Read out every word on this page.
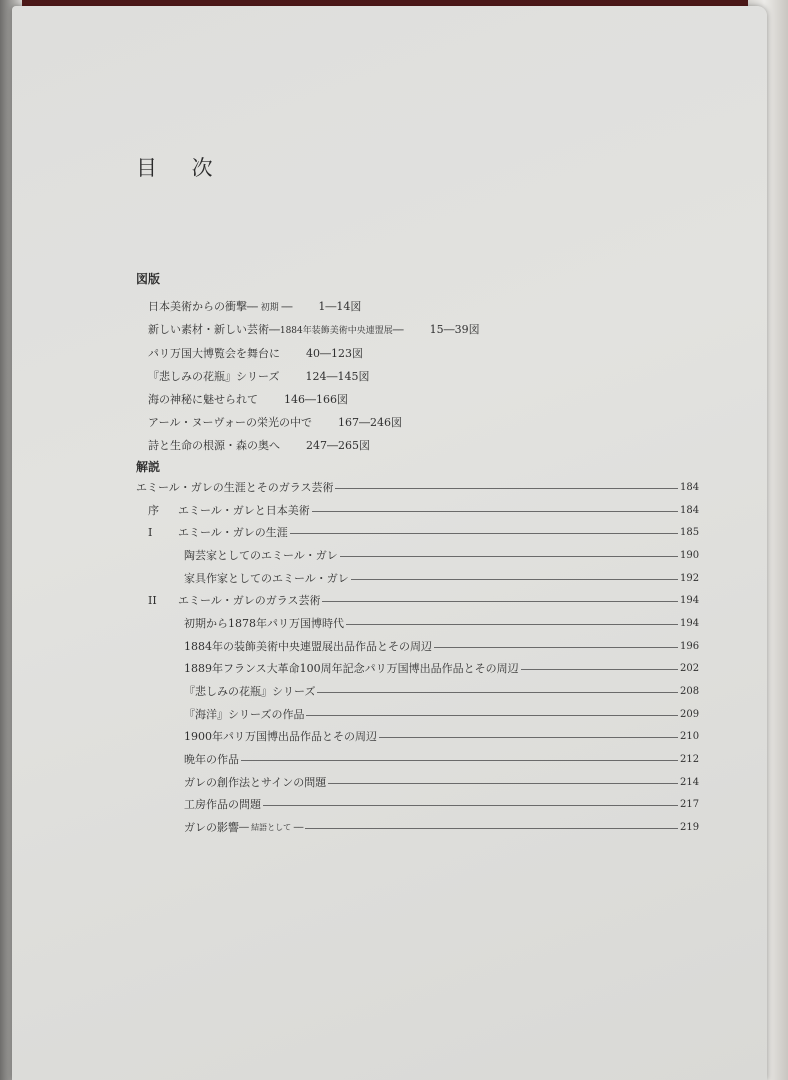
目 次
図版
日本美術からの衝撃 ── 初期 ── 1―14図
新しい素材・新しい芸術 ──1884年装飾美術中央連盟展── 15―39図
パリ万国大博覧会を舞台に 40―123図
『悲しみの花瓶』シリーズ 124―145図
海の神秘に魅せられて 146―166図
アール・ヌーヴォーの栄光の中で 167―246図
詩と生命の根源・森の奥へ 247―265図
解説
エミール・ガレの生涯とそのガラス芸術	184
序	エミール・ガレと日本美術	184
I	エミール・ガレの生涯	185
陶芸家としてのエミール・ガレ	190
家具作家としてのエミール・ガレ	192
II	エミール・ガレのガラス芸術	194
初期から1878年パリ万国博時代	194
1884年の装飾美術中央連盟展出品作品とその周辺	196
1889年フランス大革命100周年記念パリ万国博出品作品とその周辺	202
『悲しみの花瓶』シリーズ	208
『海洋』シリーズの作品	209
1900年パリ万国博出品作品とその周辺	210
晩年の作品	212
ガレの創作法とサインの問題	214
工房作品の問題	217
ガレの影響 ── 結語として ──	219
